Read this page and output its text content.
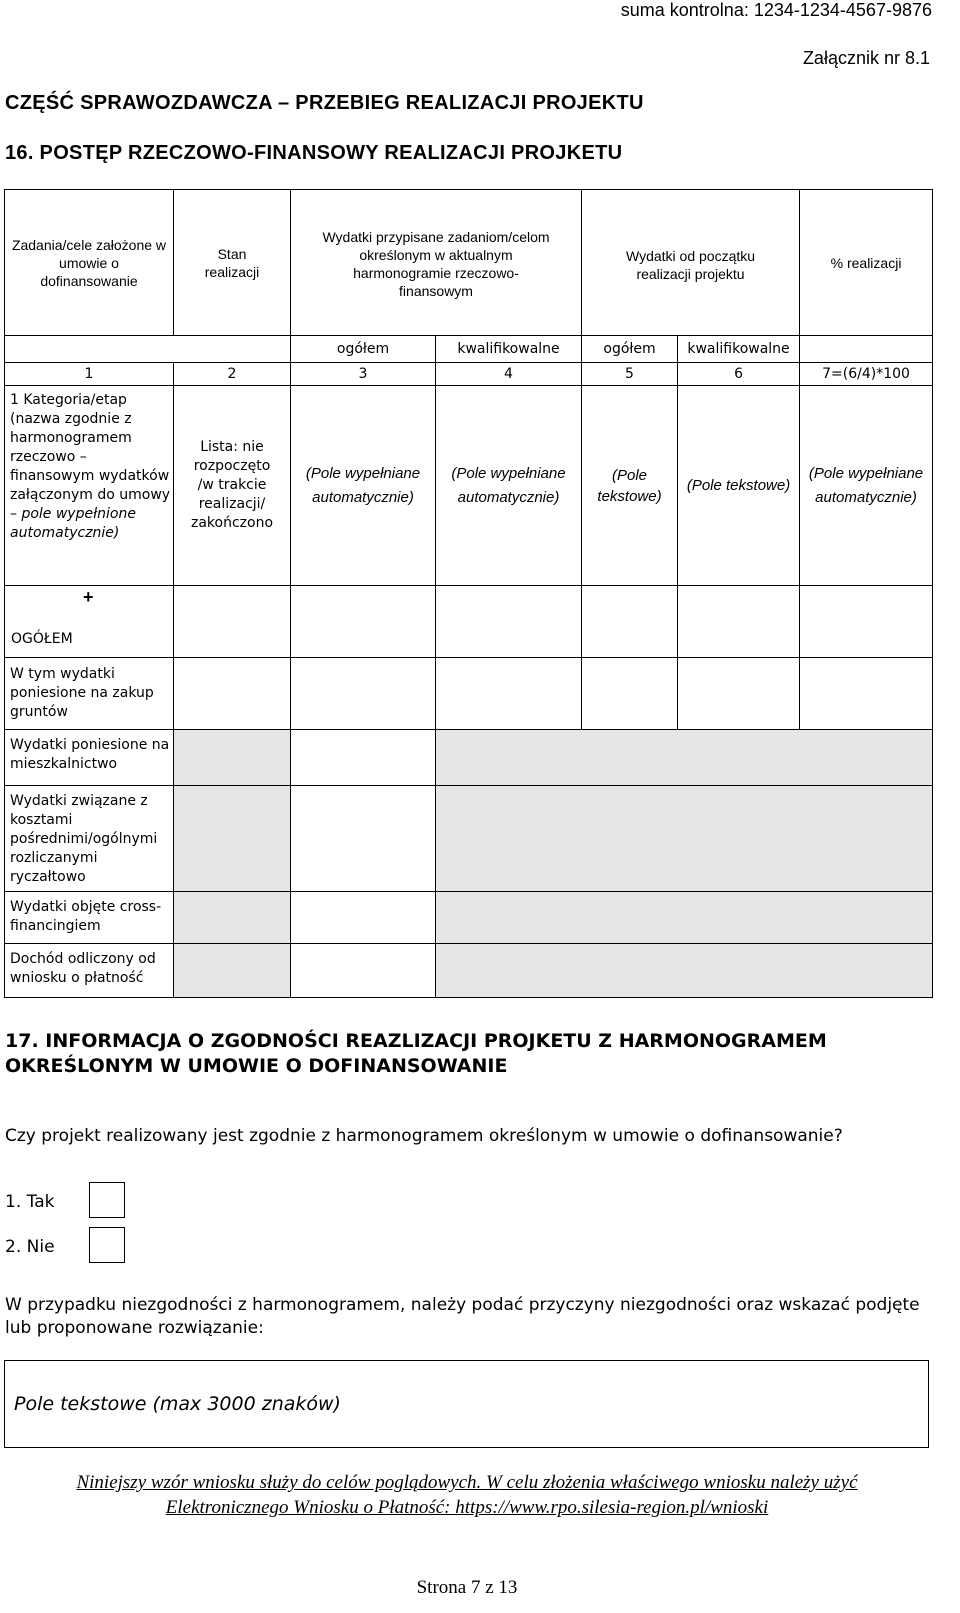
suma kontrolna: 1234-1234-4567-9876
Załącznik nr 8.1
CZĘŚĆ SPRAWOZDAWCZA – PRZEBIEG REALIZACJI PROJEKTU
16. POSTĘP RZECZOWO-FINANSOWY REALIZACJI PROJKETU
Zadania/cele założone w umowie o dofinansowanie	Stan realizacji	Wydatki przypisane zadaniom/celom określonym w aktualnym harmonogramie rzeczowo-finansowym		Wydatki od początku realizacji projektu		% realizacji
		ogółem	kwalifikowalne	ogółem	kwalifikowalne	
1	2	3	4	5	6	7=(6/4)*100
1 Kategoria/etap (nazwa zgodnie z harmonogramem rzeczowo – finansowym wydatków załączonym do umowy – pole wypełnione automatycznie)	Lista: nie rozpoczęto /w trakcie realizacji/ zakończono	(Pole wypełniane automatycznie)	(Pole wypełniane automatycznie)	(Pole tekstowe)	(Pole tekstowe)	(Pole wypełniane automatycznie)

+
OGÓŁEM						
W tym wydatki poniesione na zakup gruntów						
Wydatki poniesione na mieszkalnictwo						
Wydatki związane z kosztami pośrednimi/ogólnymi rozliczanymi ryczałtowo						
Wydatki objęte cross-financingiem						
Dochód odliczony od wniosku o płatność						
17. INFORMACJA O ZGODNOŚCI REAZLIZACJI PROJKETU Z HARMONOGRAMEM OKREŚLONYM W UMOWIE O DOFINANSOWANIE
Czy projekt realizowany jest zgodnie z harmonogramem określonym w umowie o dofinansowanie?
1. Tak
2. Nie
W przypadku niezgodności z harmonogramem, należy podać przyczyny niezgodności oraz wskazać podjęte lub proponowane rozwiązanie:
Pole tekstowe (max 3000 znaków)
Niniejszy wzór wniosku służy do celów poglądowych. W celu złożenia właściwego wniosku należy użyć
Elektronicznego Wniosku o Płatność: https://www.rpo.silesia-region.pl/wnioski
Strona 7 z 13
